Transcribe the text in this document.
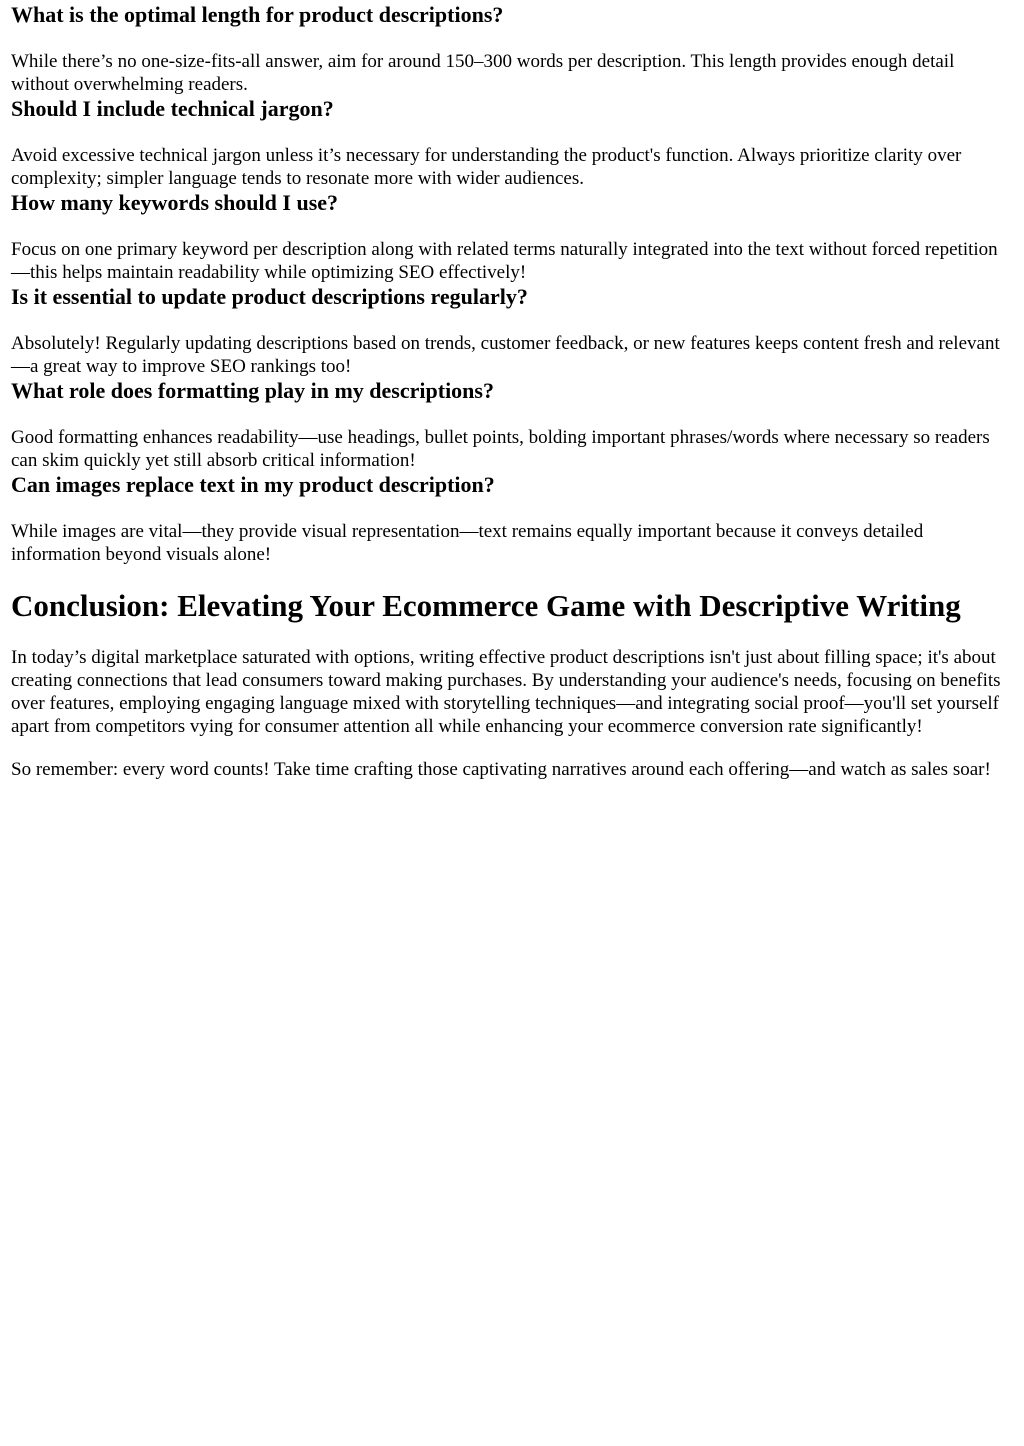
What is the optimal length for product descriptions?

While there’s no one-size-fits-all answer, aim for around 150–300 words per description. This length provides enough detail without overwhelming readers.

Should I include technical jargon?

Avoid excessive technical jargon unless it’s necessary for understanding the product's function. Always prioritize clarity over complexity; simpler language tends to resonate more with wider audiences.

How many keywords should I use?

Focus on one primary keyword per description along with related terms naturally integrated into the text without forced repetition—this helps maintain readability while optimizing SEO effectively!

Is it essential to update product descriptions regularly?

Absolutely! Regularly updating descriptions based on trends, customer feedback, or new features keeps content fresh and relevant—a great way to improve SEO rankings too!

What role does formatting play in my descriptions?

Good formatting enhances readability—use headings, bullet points, bolding important phrases/words where necessary so readers can skim quickly yet still absorb critical information!

Can images replace text in my product description?

While images are vital—they provide visual representation—text remains equally important because it conveys detailed information beyond visuals alone!

Conclusion: Elevating Your Ecommerce Game with Descriptive Writing

In today’s digital marketplace saturated with options, writing effective product descriptions isn't just about filling space; it's about creating connections that lead consumers toward making purchases. By understanding your audience's needs, focusing on benefits over features, employing engaging language mixed with storytelling techniques—and integrating social proof—you'll set yourself apart from competitors vying for consumer attention all while enhancing your ecommerce conversion rate significantly!

So remember: every word counts! Take time crafting those captivating narratives around each offering—and watch as sales soar!
